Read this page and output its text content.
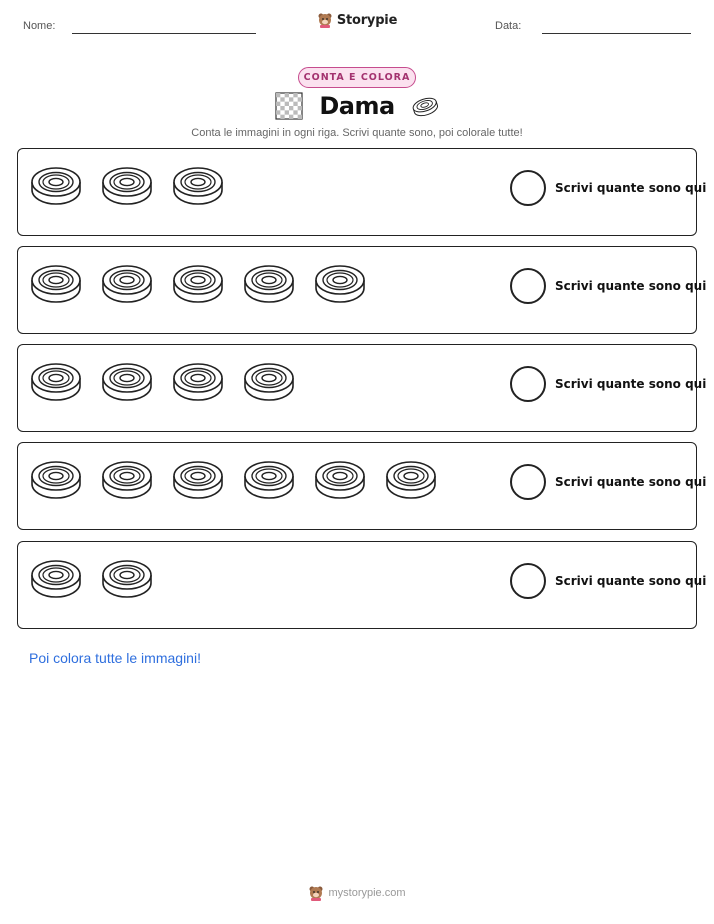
Nome:	Storypie	Data:
CONTA E COLORA
Dama
Conta le immagini in ogni riga. Scrivi quante sono, poi colorale tutte!
Scrivi quante sono qui
Scrivi quante sono qui
Scrivi quante sono qui
Scrivi quante sono qui
Scrivi quante sono qui
Poi colora tutte le immagini!
mystorypie.com
